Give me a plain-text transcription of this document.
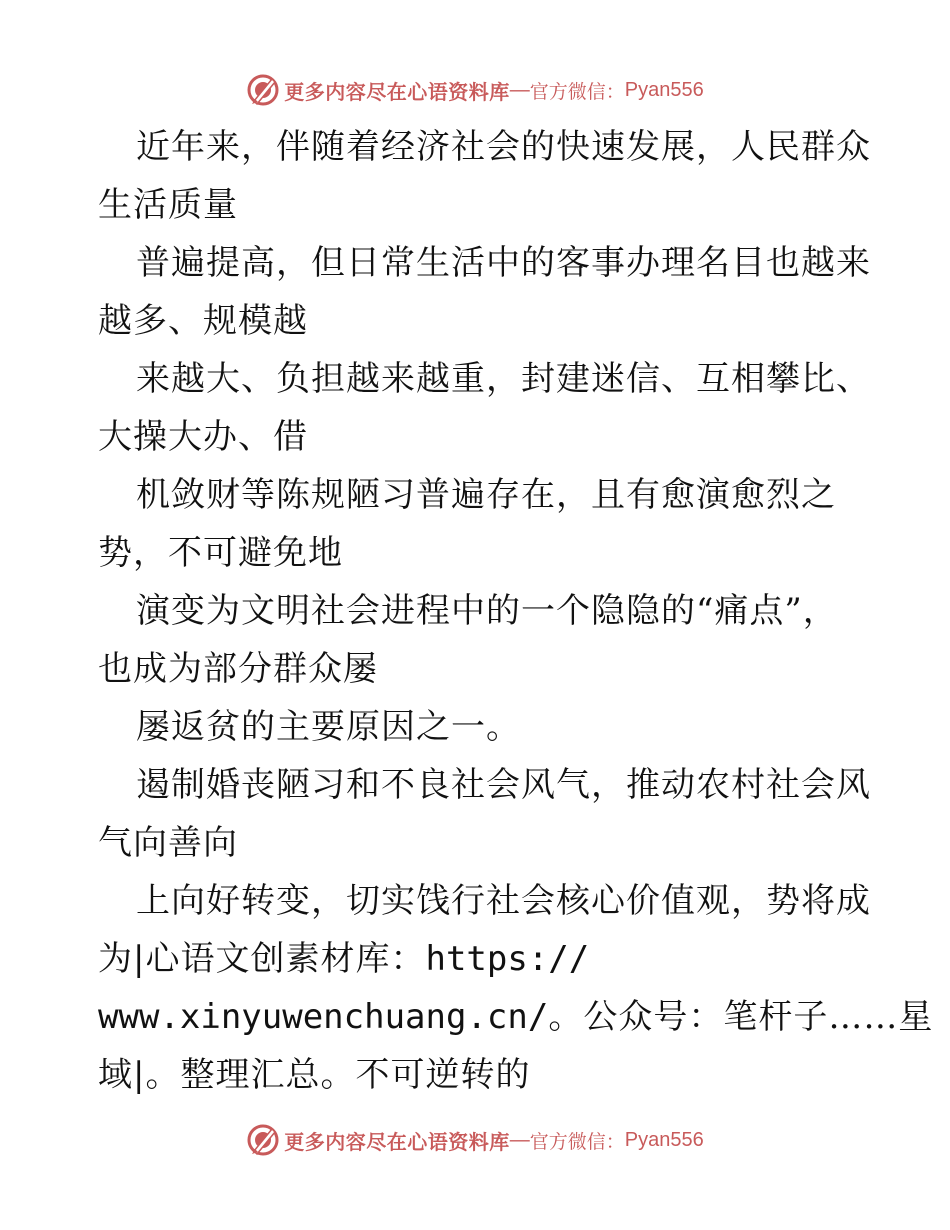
更多内容尽在心语资料库 — 官方微信： Pyan556
近年来，伴随着经济社会的快速发展，人民群众
生活质量
普遍提高，但日常生活中的客事办理名目也越来
越多、规模越
来越大、负担越来越重，封建迷信、互相攀比、
大操大办、借
机敛财等陈规陋习普遍存在，且有愈演愈烈之
势，不可避免地
演变为文明社会进程中的一个隐隐的“痛点”，
也成为部分群众屡
屡返贫的主要原因之一。
遏制婚丧陋习和不良社会风气，推动农村社会风
气向善向
上向好转变，切实饯行社会核心价值观，势将成
为|心语文创素材库：https://
www.xinyuwenchuang.cn/。公众号：笔杆子……星
域|。整理汇总。不可逆转的
更多内容尽在心语资料库 — 官方微信： Pyan556
